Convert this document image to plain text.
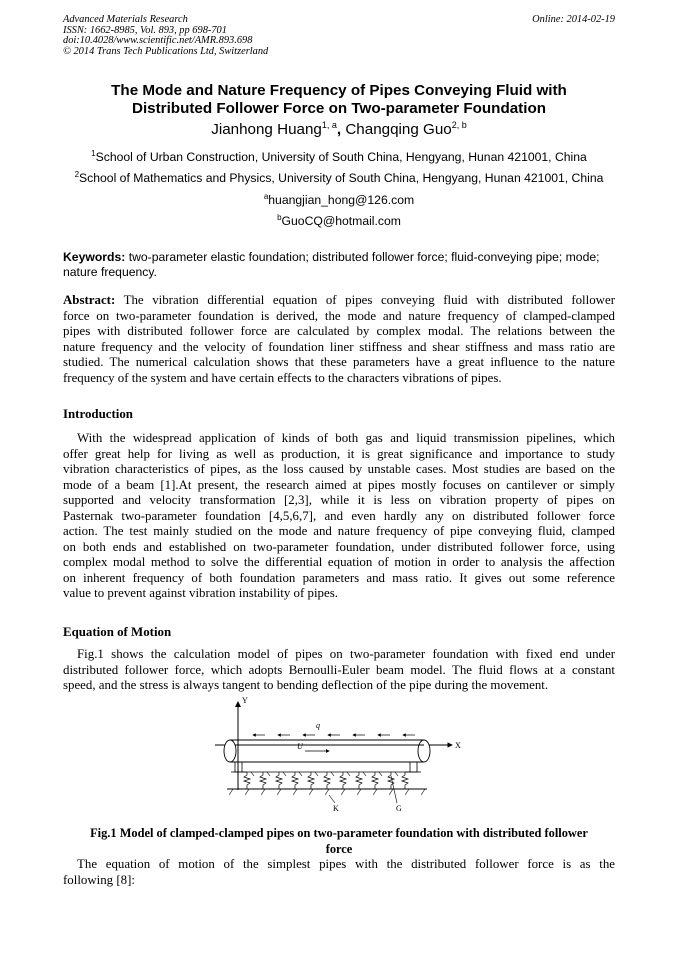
Advanced Materials Research
ISSN: 1662-8985, Vol. 893, pp 698-701
doi:10.4028/www.scientific.net/AMR.893.698
© 2014 Trans Tech Publications Ltd, Switzerland
Online: 2014-02-19
The Mode and Nature Frequency of Pipes Conveying Fluid with
Distributed Follower Force on Two-parameter Foundation
Jianhong Huang$^{1, a}$, Changqing Guo$^{2, b}$
$^1$School of Urban Construction, University of South China, Hengyang, Hunan 421001, China
$^2$School of Mathematics and Physics, University of South China, Hengyang, Hunan 421001, China
$^a$huangjian_hong@126.com
$^b$GuoCQ@hotmail.com
Keywords: two-parameter elastic foundation; distributed follower force; fluid-conveying pipe; mode; nature frequency.
Abstract: The vibration differential equation of pipes conveying fluid with distributed follower
force on two-parameter foundation is derived, the mode and nature frequency of clamped-clamped
pipes with distributed follower force are calculated by complex modal. The relations between the
nature frequency and the velocity of foundation liner stiffness and shear stiffness and mass ratio are
studied. The numerical calculation shows that these parameters have a great influence to the nature
frequency of the system and have certain effects to the characters vibrations of pipes.
Introduction
With the widespread application of kinds of both gas and liquid transmission pipelines, which
offer great help for living as well as production, it is great significance and importance to study
vibration characteristics of pipes, as the loss caused by unstable cases. Most studies are based on the
mode of a beam [1].At present, the research aimed at pipes mostly focuses on cantilever or simply
supported and velocity transformation [2,3], while it is less on vibration property of pipes on
Pasternak two-parameter foundation [4,5,6,7], and even hardly any on distributed follower force
action. The test mainly studied on the mode and nature frequency of pipe conveying fluid, clamped
on both ends and established on two-parameter foundation, under distributed follower force, using
complex modal method to solve the differential equation of motion in order to analysis the affection
on inherent frequency of both foundation parameters and mass ratio. It gives out some reference
value to prevent against vibration instability of pipes.
Equation of Motion
Fig.1 shows the calculation model of pipes on two-parameter foundation with fixed end under
distributed follower force, which adopts Bernoulli-Euler beam model. The fluid flows at a constant
speed, and the stress is always tangent to bending deflection of the pipe during the movement.
Y
X
q
U
K	G
Fig.1 Model of clamped-clamped pipes on two-parameter foundation with distributed follower
force
The equation of motion of the simplest pipes with the distributed follower force is as the
following [8]:
